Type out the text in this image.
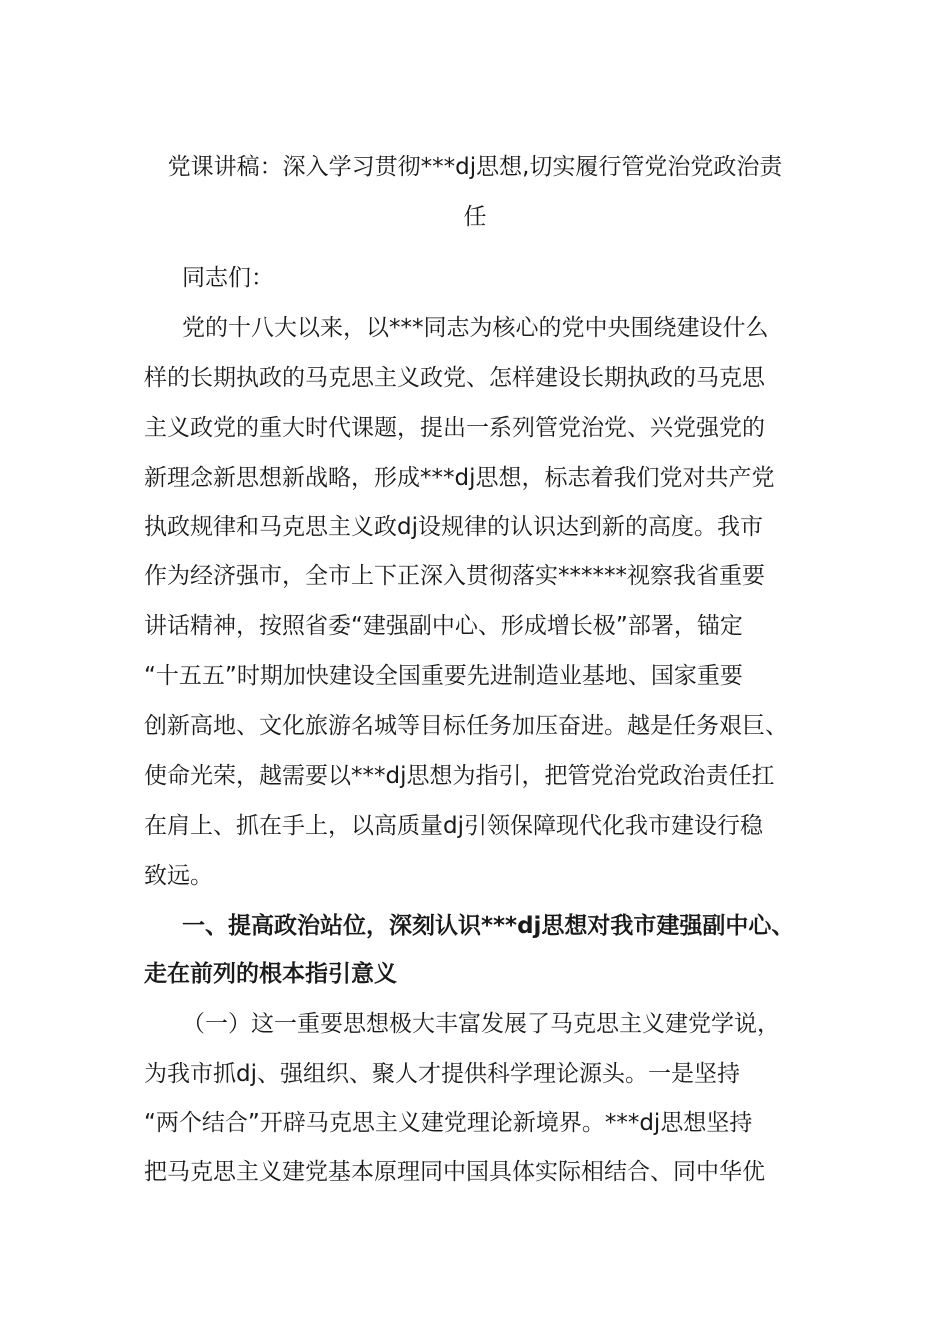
党课讲稿：深入学习贯彻***dj思想,切实履行管党治党政治责
任

同志们：

党的十八大以来，以***同志为核心的党中央围绕建设什么

样的长期执政的马克思主义政党、怎样建设长期执政的马克思

主义政党的重大时代课题，提出一系列管党治党、兴党强党的

新理念新思想新战略，形成***dj思想，标志着我们党对共产党

执政规律和马克思主义政dj设规律的认识达到新的高度。我市

作为经济强市，全市上下正深入贯彻落实******视察我省重要

讲话精神，按照省委“建强副中心、形成增长极”部署，锚定

“十五五”时期加快建设全国重要先进制造业基地、国家重要

创新高地、文化旅游名城等目标任务加压奋进。越是任务艰巨、

使命光荣，越需要以***dj思想为指引，把管党治党政治责任扛

在肩上、抓在手上，以高质量dj引领保障现代化我市建设行稳

致远。

一、提高政治站位，深刻认识***dj思想对我市建强副中心、

走在前列的根本指引意义

（一）这一重要思想极大丰富发展了马克思主义建党学说，

为我市抓dj、强组织、聚人才提供科学理论源头。一是坚持

“两个结合”开辟马克思主义建党理论新境界。***dj思想坚持

把马克思主义建党基本原理同中国具体实际相结合、同中华优
